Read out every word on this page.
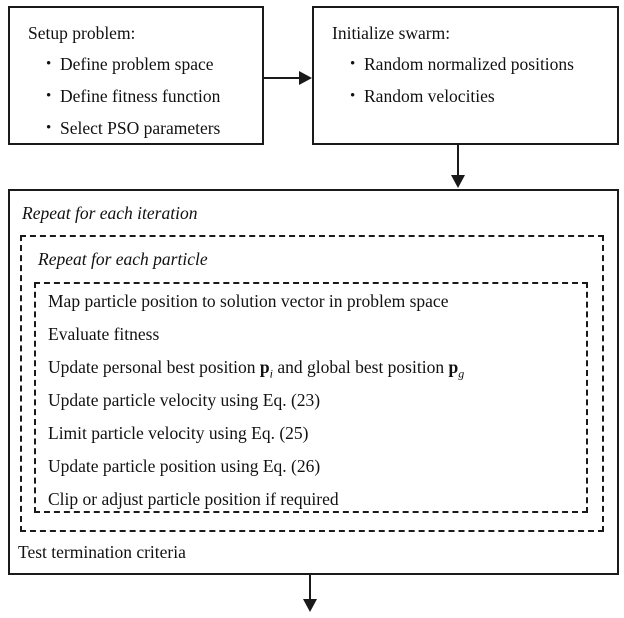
Setup problem:
• Define problem space
• Define fitness function
• Select PSO parameters
Initialize swarm:
• Random normalized positions
• Random velocities
Repeat for each iteration
Repeat for each particle
Map particle position to solution vector in problem space
Evaluate fitness
Update personal best position $p_i$ and global best position $p_g$
Update particle velocity using Eq. (23)
Limit particle velocity using Eq. (25)
Update particle position using Eq. (26)
Clip or adjust particle position if required
Test termination criteria
